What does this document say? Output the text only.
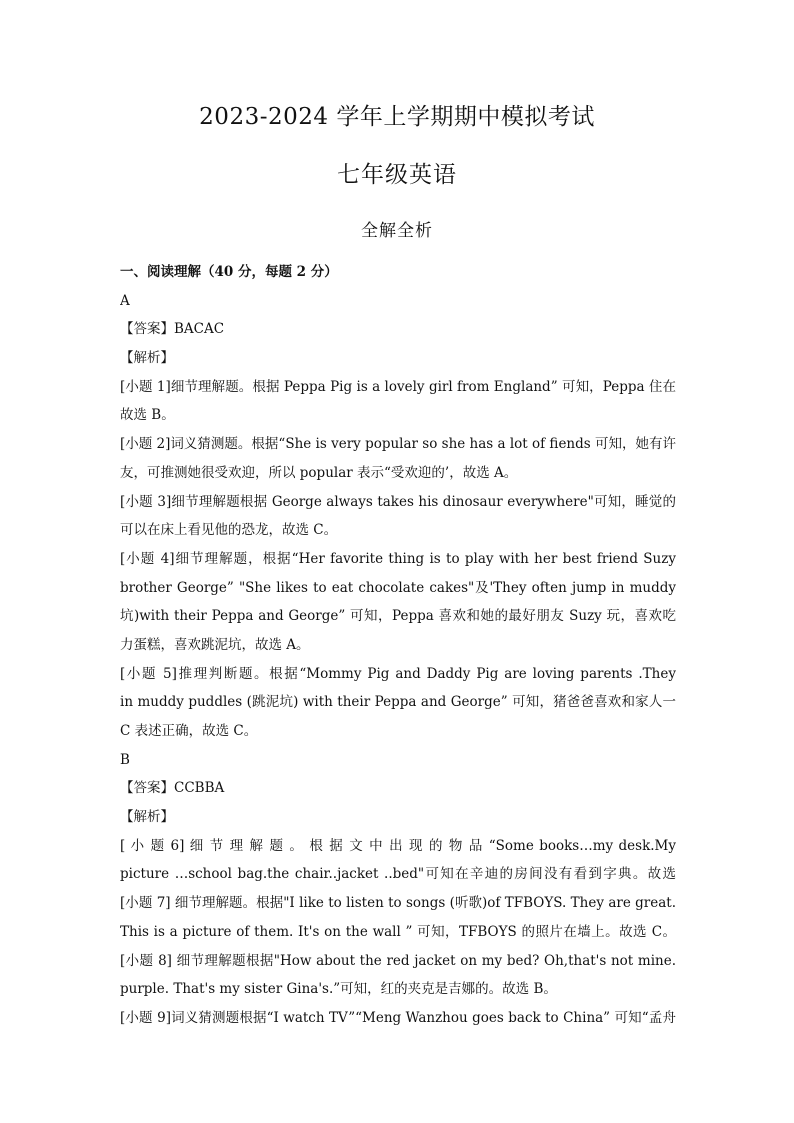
2023-2024 学年上学期期中模拟考试
七年级英语
全解全析
一、阅读理解（40 分，每题 2 分）
A
【答案】BACAC
【解析】
[小题 1]细节理解题。根据 Peppa Pig is a lovely girl from England” 可知，Peppa 住在
故选 B。
[小题 2]词义猜测题。根据“She is very popular so she has a lot of fiends 可知，她有许
友，可推测她很受欢迎，所以 popular 表示“受欢迎的’，故选 A。
[小题 3]细节理解题根据 George always takes his dinosaur everywhere"可知，睡觉的
可以在床上看见他的恐龙，故选 C。
[小题 4]细节理解题，根据“Her favorite thing is to play with her best friend Suzy
brother George” "She likes to eat chocolate cakes"及'They often jump in muddy
坑)with their Peppa and George” 可知，Peppa 喜欢和她的最好朋友 Suzy 玩，喜欢吃
力蛋糕，喜欢跳泥坑，故选 A。
[小题 5]推理判断题。根据“Mommy Pig and Daddy Pig are loving parents .They
in muddy puddles (跳泥坑) with their Peppa and George” 可知，猪爸爸喜欢和家人一
C 表述正确，故选 C。
B
【答案】CCBBA
【解析】
[ 小 题 6] 细 节 理 解 题 。 根 据 文 中 出 现 的 物 品 “Some books…my desk.My
picture …school bag.the chair..jacket ..bed"可知在辛迪的房间没有看到字典。故选
[小题 7] 细节理解题。根据"I like to listen to songs (听歌)of TFBOYS. They are great.
This is a picture of them. It's on the wall ” 可知，TFBOYS 的照片在墙上。故选 C。
[小题 8] 细节理解题根据"How about the red jacket on my bed? Oh,that's not mine.
purple. That's my sister Gina's.”可知，红的夹克是吉娜的。故选 B。
[小题 9]词义猜测题根据“I watch TV”“Meng Wanzhou goes back to China” 可知“孟舟
